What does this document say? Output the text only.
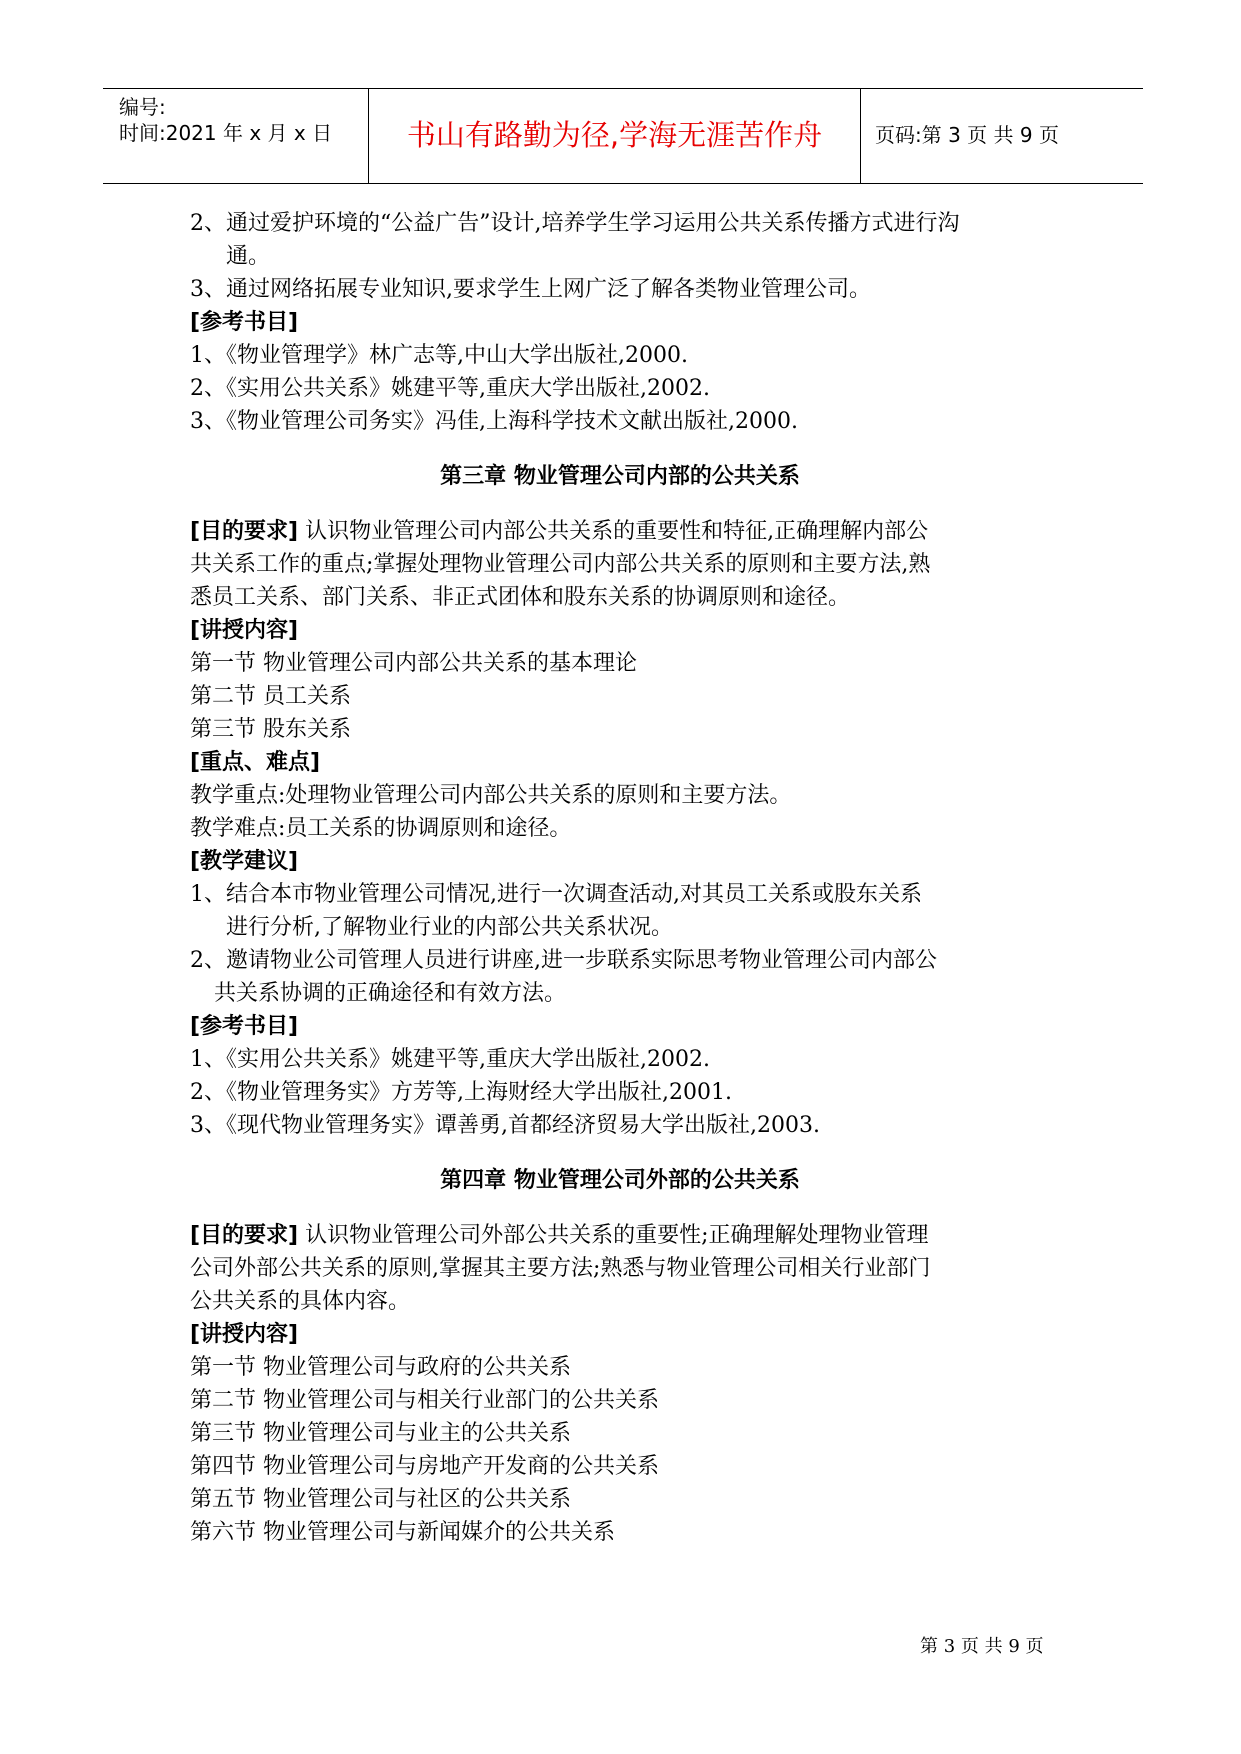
编号:
时间:2021 年 x 月 x 日	书山有路勤为径,学海无涯苦作舟	页码:第 3 页 共 9 页

2、通过爱护环境的“公益广告”设计,培养学生学习运用公共关系传播方式进行沟

通。

3、通过网络拓展专业知识,要求学生上网广泛了解各类物业管理公司。

[参考书目]

1、《物业管理学》林广志等,中山大学出版社,2000.

2、《实用公共关系》姚建平等,重庆大学出版社,2002.

3、《物业管理公司务实》冯佳,上海科学技术文献出版社,2000.

第三章 物业管理公司内部的公共关系

[目的要求] 认识物业管理公司内部公共关系的重要性和特征,正确理解内部公

共关系工作的重点;掌握处理物业管理公司内部公共关系的原则和主要方法,熟

悉员工关系、部门关系、非正式团体和股东关系的协调原则和途径。

[讲授内容]

第一节 物业管理公司内部公共关系的基本理论

第二节 员工关系

第三节 股东关系

[重点、难点]

教学重点:处理物业管理公司内部公共关系的原则和主要方法。

教学难点:员工关系的协调原则和途径。

[教学建议]

1、结合本市物业管理公司情况,进行一次调查活动,对其员工关系或股东关系

进行分析,了解物业行业的内部公共关系状况。

2、邀请物业公司管理人员进行讲座,进一步联系实际思考物业管理公司内部公

共关系协调的正确途径和有效方法。

[参考书目]

1、《实用公共关系》姚建平等,重庆大学出版社,2002.

2、《物业管理务实》方芳等,上海财经大学出版社,2001.

3、《现代物业管理务实》谭善勇,首都经济贸易大学出版社,2003.

第四章 物业管理公司外部的公共关系

[目的要求] 认识物业管理公司外部公共关系的重要性;正确理解处理物业管理

公司外部公共关系的原则,掌握其主要方法;熟悉与物业管理公司相关行业部门

公共关系的具体内容。

[讲授内容]

第一节 物业管理公司与政府的公共关系

第二节 物业管理公司与相关行业部门的公共关系

第三节 物业管理公司与业主的公共关系

第四节 物业管理公司与房地产开发商的公共关系

第五节 物业管理公司与社区的公共关系

第六节 物业管理公司与新闻媒介的公共关系

第 3 页 共 9 页
